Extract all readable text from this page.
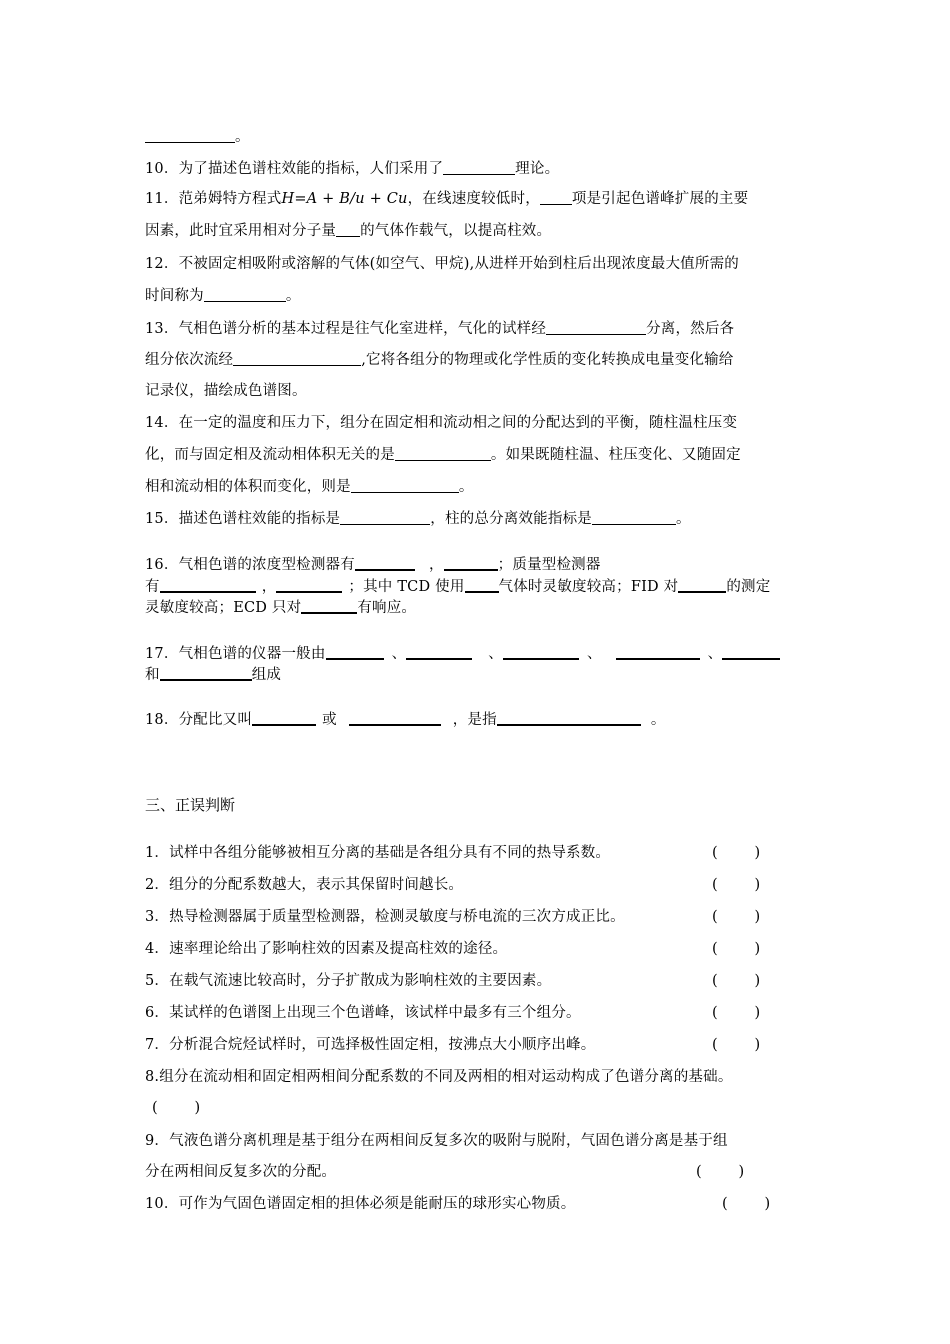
。
10．为了描述色谱柱效能的指标，人们采用了	理论。
11．范弟姆特方程式H=A + B/u + Cu，在线速度较低时， 项是引起色谱峰扩展的主要
因素，此时宜采用相对分子量 的气体作载气，以提高柱效。
12．不被固定相吸附或溶解的气体(如空气、甲烷),从进样开始到柱后出现浓度最大值所需的
时间称为	。
13．气相色谱分析的基本过程是往气化室进样，气化的试样经	分离，然后各
组分依次流经	,它将各组分的物理或化学性质的变化转换成电量变化输给
记录仪，描绘成色谱图。
14．在一定的温度和压力下，组分在固定相和流动相之间的分配达到的平衡，随柱温柱压变
化，而与固定相及流动相体积无关的是	。如果既随柱温、柱压变化、又随固定
相和流动相的体积而变化，则是	。
15．描述色谱柱效能的指标是	，柱的总分离效能指标是	。
16．气相色谱的浓度型检测器有	，	；质量型检测器
有	，	；其中 TCD 使用 气体时灵敏度较高；FID 对	的测定
灵敏度较高；ECD 只对	有响应。
17．气相色谱的仪器一般由	、	、	、	、
和	组成
18．分配比又叫	或	，是指	。
三、正误判断
1．试样中各组分能够被相互分离的基础是各组分具有不同的热导系数。	(        )
2．组分的分配系数越大，表示其保留时间越长。	(        )
3．热导检测器属于质量型检测器，检测灵敏度与桥电流的三次方成正比。	(        )
4．速率理论给出了影响柱效的因素及提高柱效的途径。	(        )
5．在载气流速比较高时，分子扩散成为影响柱效的主要因素。	(        )
6．某试样的色谱图上出现三个色谱峰，该试样中最多有三个组分。	(        )
7．分析混合烷烃试样时，可选择极性固定相，按沸点大小顺序出峰。	(        )
8.组分在流动相和固定相两相间分配系数的不同及两相的相对运动构成了色谱分离的基础。
(        )
9．气液色谱分离机理是基于组分在两相间反复多次的吸附与脱附，气固色谱分离是基于组
分在两相间反复多次的分配。	(        )
10．可作为气固色谱固定相的担体必须是能耐压的球形实心物质。	(        )
